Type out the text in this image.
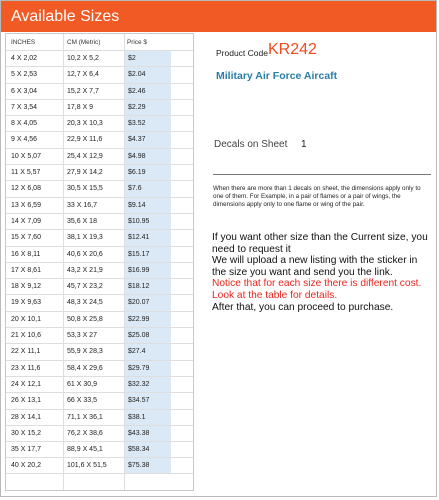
Available Sizes
INCHES	CM (Metric)	Price $
4 X 2,02	10,2 X 5,2	$2
5 X 2,53	12,7 X 6,4	$2.04
6 X 3,04	15,2 X 7,7	$2.46
7 X 3,54	17,8 X 9	$2.29
8 X 4,05	20,3 X 10,3	$3.52
9 X 4,56	22,9 X 11,6	$4.37
10 X 5,07	25,4 X 12,9	$4.98
11 X 5,57	27,9 X 14,2	$6.19
12 X 6,08	30,5 X 15,5	$7.6
13 X 6,59	33 X 16,7	$9.14
14 X 7,09	35,6 X 18	$10.95
15 X 7,60	38,1 X 19,3	$12.41
16 X 8,11	40,6 X 20,6	$15.17
17 X 8,61	43,2 X 21,9	$16.99
18 X 9,12	45,7 X 23,2	$18.12
19 X 9,63	48,3 X 24,5	$20.07
20 X 10,1	50,8 X 25,8	$22.99
21 X 10,6	53,3 X 27	$25.08
22 X 11,1	55,9 X 28,3	$27.4
23 X 11,6	58,4 X 29,6	$29.79
24 X 12,1	61 X 30,9	$32.32
26 X 13,1	66 X 33,5	$34.57
28 X 14,1	71,1 X 36,1	$38.1
30 X 15,2	76,2 X 38,6	$43.38
35 X 17,7	88,9 X 45,1	$58.34
40 X 20,2	101,6 X 51,5	$75.38
Product Code KR242
Military Air Force Aircaft
Decals on Sheet 1
When there are more than 1 decals on sheet, the dimensions apply only to one of them. For Example, in a pair of flames or a pair of wings, the dimensions apply only to one flame or wing of the pair.
If you want other size than the Current size, you need to request it
We will upload a new listing with the sticker in the size you want and send you the link.
Notice that for each size there is different cost. Look at the table for details.
After that, you can proceed to purchase.
